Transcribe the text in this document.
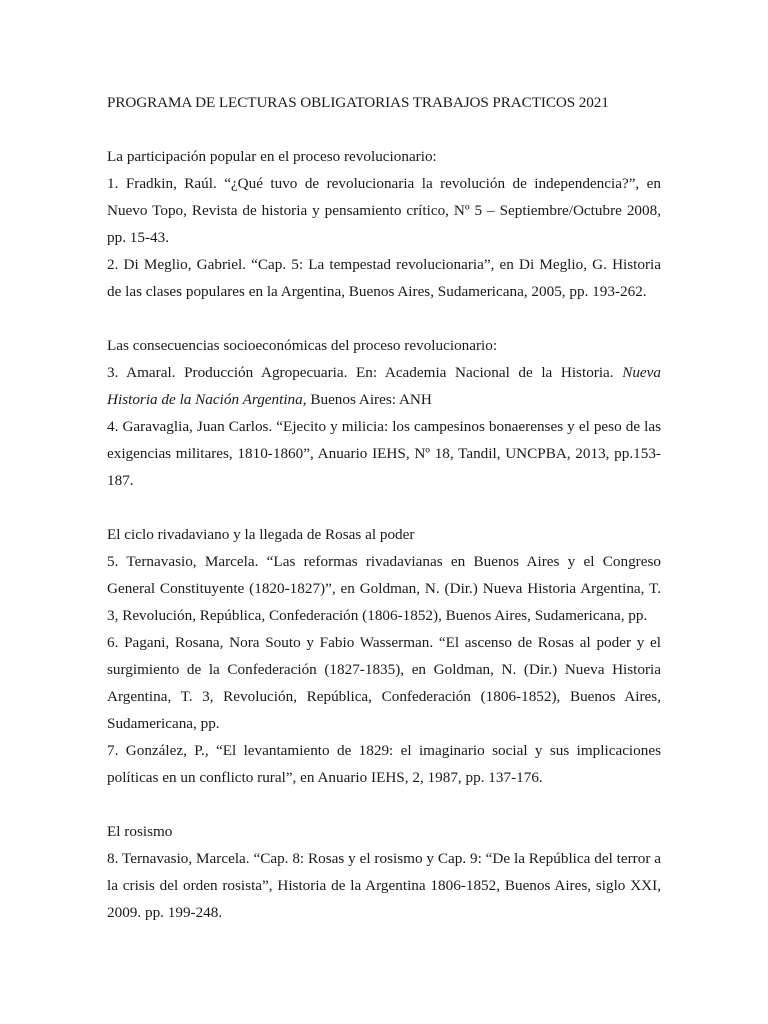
PROGRAMA DE LECTURAS OBLIGATORIAS TRABAJOS PRACTICOS 2021

La participación popular en el proceso revolucionario:

1. Fradkin, Raúl. “¿Qué tuvo de revolucionaria la revolución de independencia?”, en Nuevo Topo, Revista de historia y pensamiento crítico, Nº 5 – Septiembre/Octubre 2008, pp. 15-43.

2. Di Meglio, Gabriel. “Cap. 5: La tempestad revolucionaria”, en Di Meglio, G. Historia de las clases populares en la Argentina, Buenos Aires, Sudamericana, 2005, pp. 193-262.

Las consecuencias socioeconómicas del proceso revolucionario:

3. Amaral. Producción Agropecuaria. En: Academia Nacional de la Historia. Nueva Historia de la Nación Argentina, Buenos Aires: ANH

4. Garavaglia, Juan Carlos. “Ejecito y milicia: los campesinos bonaerenses y el peso de las exigencias militares, 1810-1860”, Anuario IEHS, Nº 18, Tandil, UNCPBA, 2013, pp.153-187.

El ciclo rivadaviano y la llegada de Rosas al poder

5. Ternavasio, Marcela. “Las reformas rivadavianas en Buenos Aires y el Congreso General Constituyente (1820-1827)”, en Goldman, N. (Dir.) Nueva Historia Argentina, T. 3, Revolución, República, Confederación (1806-1852), Buenos Aires, Sudamericana, pp.

6. Pagani, Rosana, Nora Souto y Fabio Wasserman. “El ascenso de Rosas al poder y el surgimiento de la Confederación (1827-1835), en Goldman, N. (Dir.) Nueva Historia Argentina, T. 3, Revolución, República, Confederación (1806-1852), Buenos Aires, Sudamericana, pp.

7. González, P., “El levantamiento de 1829: el imaginario social y sus implicaciones políticas en un conflicto rural”, en Anuario IEHS, 2, 1987, pp. 137-176.

El rosismo

8. Ternavasio, Marcela. “Cap. 8: Rosas y el rosismo y Cap. 9: “De la República del terror a la crisis del orden rosista”, Historia de la Argentina 1806-1852, Buenos Aires, siglo XXI, 2009. pp. 199-248.
